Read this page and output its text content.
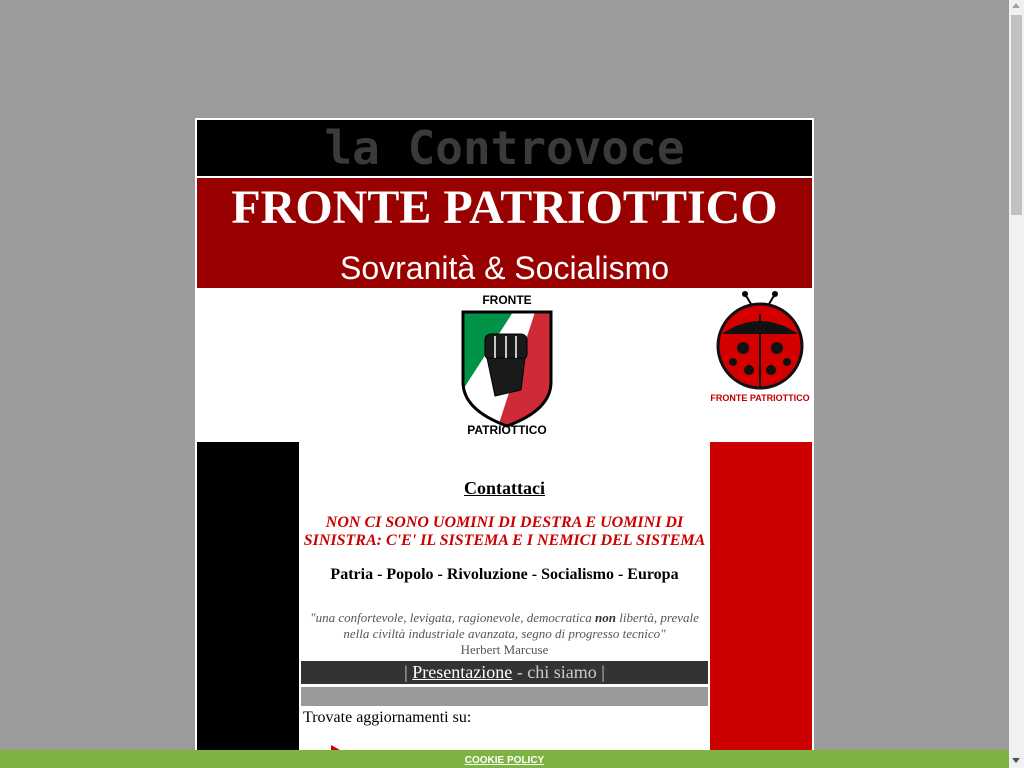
la Controvoce
FRONTE PATRIOTTICO
Sovranità & Socialismo
FRONTE
PATRIOTTICO
FRONTE PATRIOTTICO
Contattaci
NON CI SONO UOMINI DI DESTRA E UOMINI DI SINISTRA: C'E' IL SISTEMA E I NEMICI DEL SISTEMA
Patria - Popolo - Rivoluzione - Socialismo - Europa
"una confortevole, levigata, ragionevole, democratica non libertà, prevale nella civiltà industriale avanzata, segno di progresso tecnico"
Herbert Marcuse
| Presentazione - chi siamo |
Trovate aggiornamenti su:
COOKIE POLICY
